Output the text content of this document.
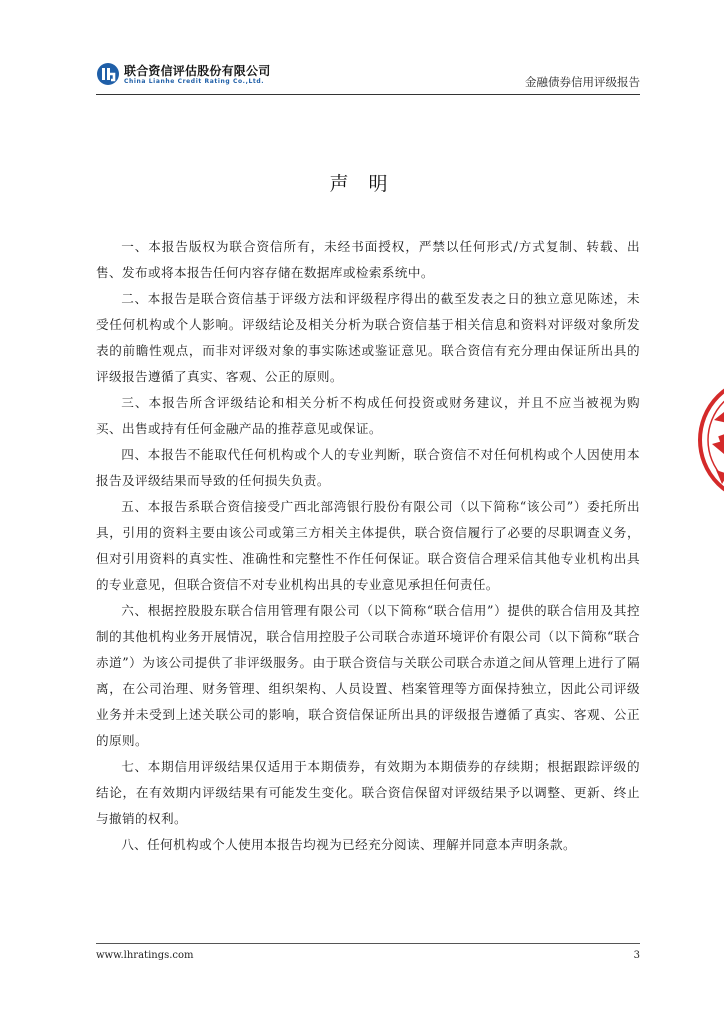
联合资信评估股份有限公司
China Lianhe Credit Rating Co.,Ltd.	金融债券信用评级报告
声 明

一、本报告版权为联合资信所有，未经书面授权，严禁以任何形式/方式复制、转载、出售、发布或将本报告任何内容存储在数据库或检索系统中。

二、本报告是联合资信基于评级方法和评级程序得出的截至发表之日的独立意见陈述，未受任何机构或个人影响。评级结论及相关分析为联合资信基于相关信息和资料对评级对象所发表的前瞻性观点，而非对评级对象的事实陈述或鉴证意见。联合资信有充分理由保证所出具的评级报告遵循了真实、客观、公正的原则。

三、本报告所含评级结论和相关分析不构成任何投资或财务建议，并且不应当被视为购买、出售或持有任何金融产品的推荐意见或保证。

四、本报告不能取代任何机构或个人的专业判断，联合资信不对任何机构或个人因使用本报告及评级结果而导致的任何损失负责。

五、本报告系联合资信接受广西北部湾银行股份有限公司（以下简称“该公司”）委托所出具，引用的资料主要由该公司或第三方相关主体提供，联合资信履行了必要的尽职调查义务，但对引用资料的真实性、准确性和完整性不作任何保证。联合资信合理采信其他专业机构出具的专业意见，但联合资信不对专业机构出具的专业意见承担任何责任。

六、根据控股股东联合信用管理有限公司（以下简称“联合信用”）提供的联合信用及其控制的其他机构业务开展情况，联合信用控股子公司联合赤道环境评价有限公司（以下简称“联合赤道”）为该公司提供了非评级服务。由于联合资信与关联公司联合赤道之间从管理上进行了隔离，在公司治理、财务管理、组织架构、人员设置、档案管理等方面保持独立，因此公司评级业务并未受到上述关联公司的影响，联合资信保证所出具的评级报告遵循了真实、客观、公正的原则。

七、本期信用评级结果仅适用于本期债券，有效期为本期债券的存续期；根据跟踪评级的结论，在有效期内评级结果有可能发生变化。联合资信保留对评级结果予以调整、更新、终止与撤销的权利。

八、任何机构或个人使用本报告均视为已经充分阅读、理解并同意本声明条款。

www.lhratings.com	3
